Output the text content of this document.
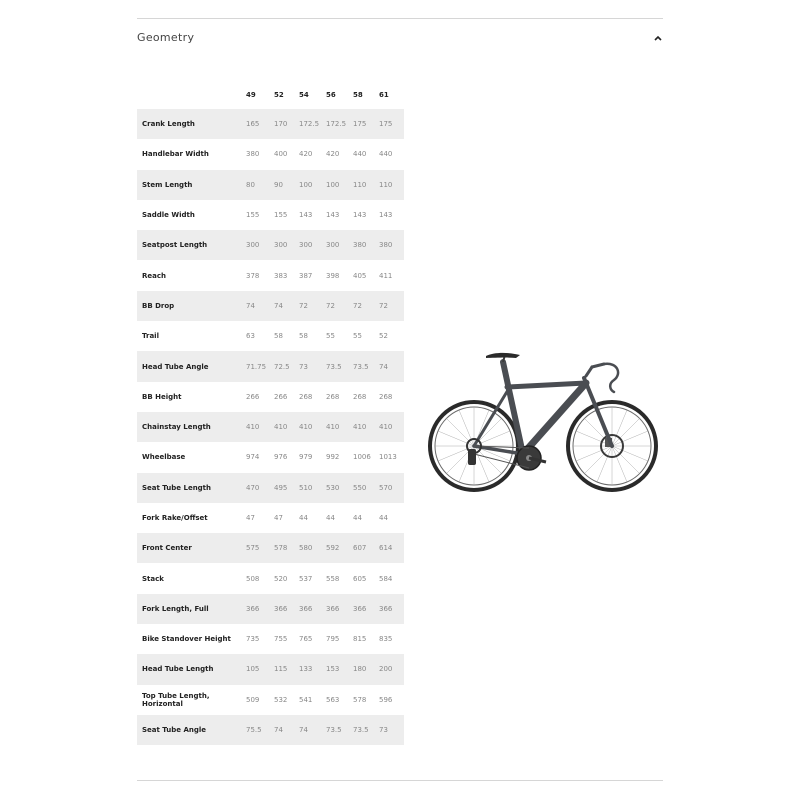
Geometry
	49	52	54	56	58	61
Crank Length	165	170	172.5	172.5	175	175
Handlebar Width	380	400	420	420	440	440
Stem Length	80	90	100	100	110	110
Saddle Width	155	155	143	143	143	143
Seatpost Length	300	300	300	300	380	380
Reach	378	383	387	398	405	411
BB Drop	74	74	72	72	72	72
Trail	63	58	58	55	55	52
Head Tube Angle	71.75	72.5	73	73.5	73.5	74
BB Height	266	266	268	268	268	268
Chainstay Length	410	410	410	410	410	410
Wheelbase	974	976	979	992	1006	1013
Seat Tube Length	470	495	510	530	550	570
Fork Rake/Offset	47	47	44	44	44	44
Front Center	575	578	580	592	607	614
Stack	508	520	537	558	605	584
Fork Length, Full	366	366	366	366	366	366
Bike Standover Height	735	755	765	795	815	835
Head Tube Length	105	115	133	153	180	200
Top Tube Length, Horizontal	509	532	541	563	578	596
Seat Tube Angle	75.5	74	74	73.5	73.5	73
